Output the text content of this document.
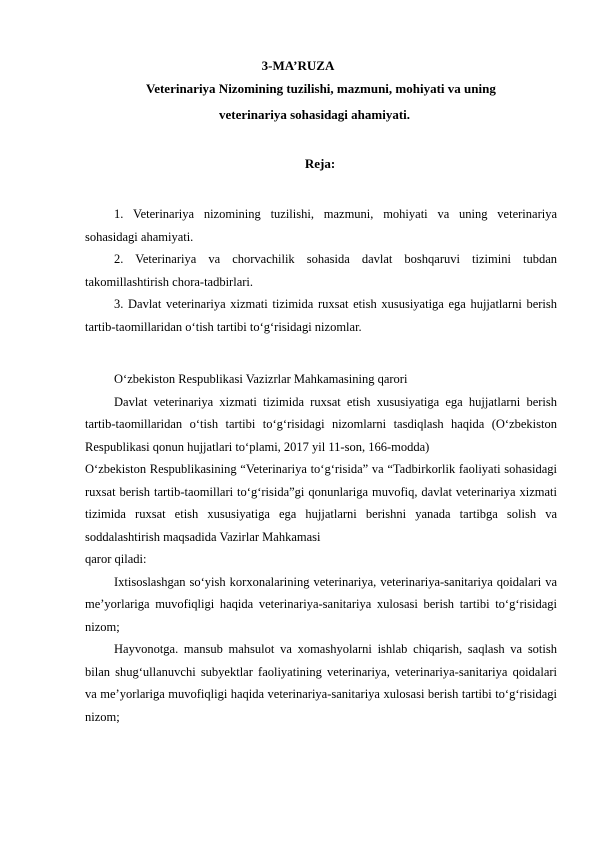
3-MA’RUZA
Veterinariya Nizomining tuzilishi, mazmuni, mohiyati va uning
veterinariya sohasidagi ahamiyati.
Reja:

1. Veterinariya nizomining tuzilishi, mazmuni, mohiyati va uning veterinariya sohasidagi ahamiyati.

2. Veterinariya va chorvachilik sohasida davlat boshqaruvi tizimini tubdan takomillashtirish chora-tadbirlari.

3. Davlat veterinariya xizmati tizimida ruxsat etish xususiyatiga ega hujjatlarni berish tartib-taomillaridan o‘tish tartibi to‘g‘risidagi nizomlar.

O‘zbekiston Respublikasi Vazizrlar Mahkamasining qarori

Davlat veterinariya xizmati tizimida ruxsat etish xususiyatiga ega hujjatlarni berish tartib-taomillaridan o‘tish tartibi to‘g‘risidagi nizomlarni tasdiqlash haqida (O‘zbekiston Respublikasi qonun hujjatlari to‘plami, 2017 yil 11-son, 166-modda)

O‘zbekiston Respublikasining “Veterinariya to‘g‘risida” va “Tadbirkorlik faoliyati sohasidagi ruxsat berish tartib-taomillari to‘g‘risida”gi qonunlariga muvofiq, davlat veterinariya xizmati tizimida ruxsat etish xususiyatiga ega hujjatlarni berishni yanada tartibga solish va soddalashtirish maqsadida Vazirlar Mahkamasi

qaror qiladi:

Ixtisoslashgan so‘yish korxonalarining veterinariya, veterinariya-sanitariya qoidalari va me’yorlariga muvofiqligi haqida veterinariya-sanitariya xulosasi berish tartibi to‘g‘risidagi nizom;

Hayvonotga. mansub mahsulot va xomashyolarni ishlab chiqarish, saqlash va sotish bilan shug‘ullanuvchi subyektlar faoliyatining veterinariya, veterinariya-sanitariya qoidalari va me’yorlariga muvofiqligi haqida veterinariya-sanitariya xulosasi berish tartibi to‘g‘risidagi nizom;
